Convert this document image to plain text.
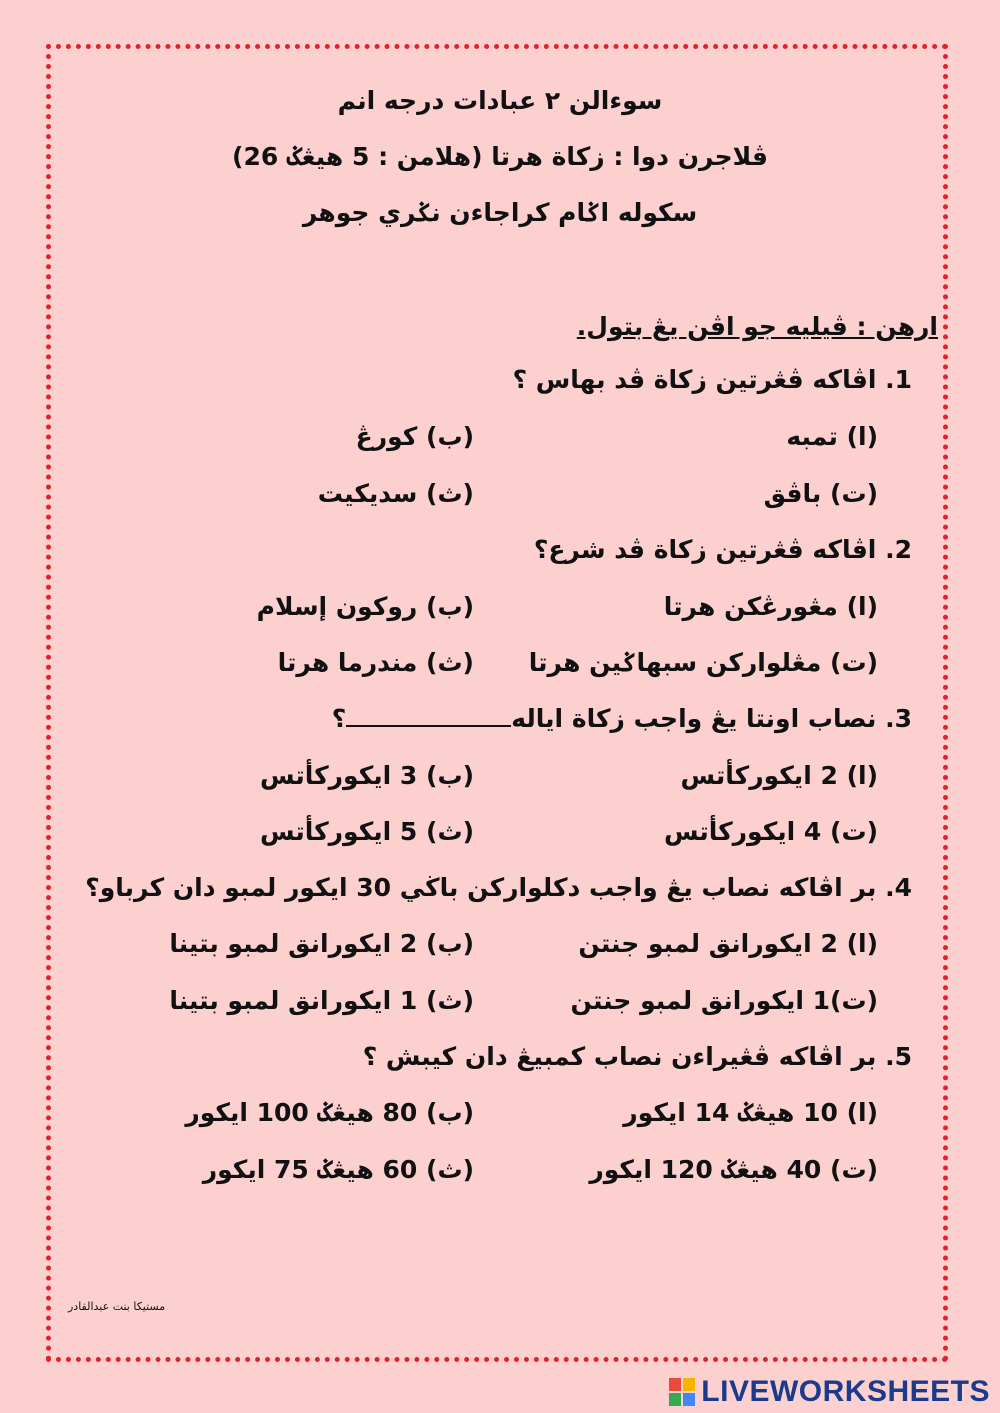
سوءالن ٢ عبادات درجه انم
ڤلاجرن دوا : زكاة هرتا (هلامن : 5 هيڠݢ 26)
سكوله اݢام كراجاءن نݢري جوهر
ارهن : ڤيليه جو اڤن يڠ بتول.
1. اڤاكه ڤڠرتين زكاة ڤد بهاس ؟
(ا) تمبه
(ب) کورڠ
(ت) باڤق
(ث) سديکيت
2. اڤاكه ڤڠرتين زكاة ڤد شرع؟
(ا) مڠورڠكن هرتا
(ب) روكون إسلام
(ت) مڠلواركن سبهاݢين هرتا
(ث) مندرما هرتا
3. نصاب اونتا يڠ واجب زكاة اياله؟
(ا) 2 ايكوركأتس
(ب) 3 ايكوركأتس
(ت) 4 ايكوركأتس
(ث) 5 ايكوركأتس
4. بر اڤاكه نصاب يڠ واجب دكلواركن باڬي 30 ايكور لمبو دان كرباو؟
(ا) 2 ايكورانق لمبو جنتن
(ب) 2 ايكورانق لمبو بتينا
(ت)1 ايكورانق لمبو جنتن
(ث) 1 ايكورانق لمبو بتينا
5. بر اڤاكه ڤڠيراءن نصاب كمبيڠ دان كيبش ؟
(ا) 10 هيڠݢ 14 ايكور
(ب) 80 هيڠݢ 100 ايكور
(ت) 40 هيڠݢ 120 ايكور
(ث) 60 هيڠݢ 75 ايكور
مستيكا بنت عبدالقادر
LIVEWORKSHEETS
